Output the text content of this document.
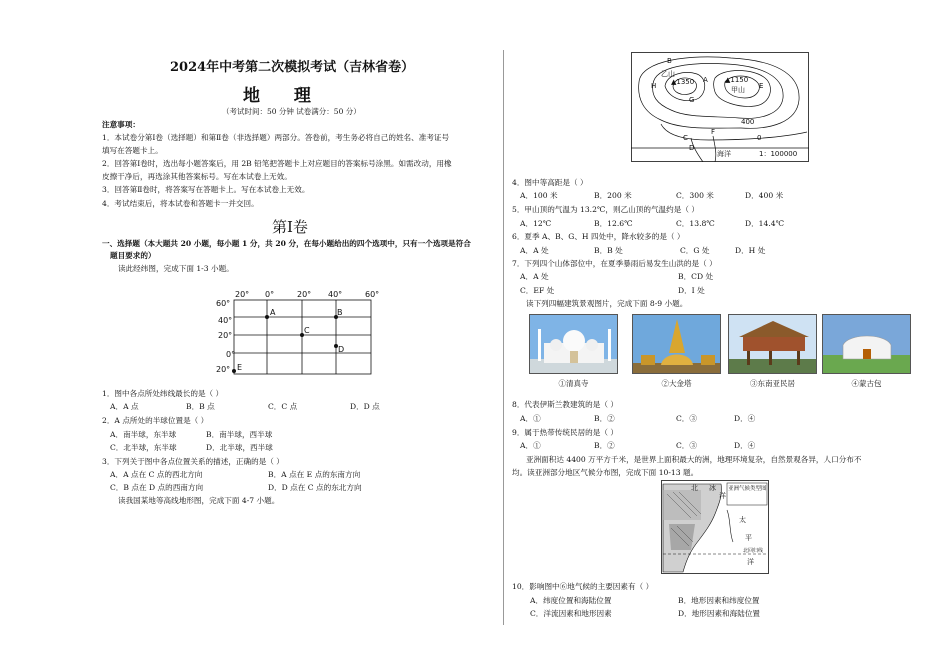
2024年中考第二次模拟考试（吉林省卷）
地 理
（考试时间：50 分钟 试卷满分：50 分）
注意事项：
1．本试卷分第Ⅰ卷（选择题）和第Ⅱ卷（非选择题）两部分。答卷前，考生务必将自己的姓名、准考证号
填写在答题卡上。
2．回答第Ⅰ卷时，选出每小题答案后，用 2B 铅笔把答题卡上对应题目的答案标号涂黑。如需改动，用橡
皮擦干净后，再选涂其他答案标号。写在本试卷上无效。
3．回答第Ⅱ卷时，将答案写在答题卡上。写在本试卷上无效。
4．考试结束后，将本试卷和答题卡一并交回。
第Ⅰ卷
一、选择题（本大题共 20 小题，每小题 1 分，共 20 分，在每小题给出的四个选项中，只有一个选项是符合
题目要求的）
读此经纬图，完成下面 1-3 小题。
20° 0°	20° 40°	60°
60°
40°
20°
0°
20°
A	B
C
D
E
1．图中各点所处纬线最长的是（ ）
A．A 点	B．B 点	C．C 点	D．D 点
2．A 点所处的半球位置是（ ）
A．南半球，东半球	B．南半球，西半球
C．北半球，东半球	D．北半球，西半球
3．下列关于图中各点位置关系的描述，正确的是（ ）
A．A 点在 C 点的西北方向	B．A 点在 E 点的东南方向
C．B 点在 D 点的西南方向	D．D 点在 C 点的东北方向
读我国某地等高线地形图，完成下面 4-7 小题。
B
乙山
A
H ▲1350	▲1150
甲山 E
G
C
D
400
F
0
海洋	1：100000
4．图中等高距是（ ）
A．100 米	B．200 米	C．300 米	D．400 米
5．甲山顶的气温为 13.2℃，则乙山顶的气温约是（ ）
A．12℃	B．12.6℃	C．13.8℃	D．14.4℃
6．夏季 A、B、G、H 四处中，降水较多的是（ ）
A．A 处	B．B 处	C．G 处	D．H 处
7．下列四个山体部位中，在夏季暴雨后易发生山洪的是（ ）
A．A 处	B．CD 处
C．EF 处	D．I 处
读下列四幅建筑景观图片，完成下面 8-9 小题。
①清真寺	②大金塔	③东南亚民居	④蒙古包
8．代表伊斯兰教建筑的是（ ）
A．①	B．②	C．③	D．④
9．属于热带传统民居的是（ ）
A．①	B．②	C．③	D．④
亚洲面积达 4400 万平方千米，是世界上面积最大的洲，地理环境复杂，自然景观各异，人口分布不
均。读亚洲部分地区气候分布图，完成下面 10-13 题。
亚洲气候类型图
北 冰
洋
太
平
洋
北回归线
10．影响图中⑥地气候的主要因素有（ ）
A．纬度位置和海陆位置	B．地形因素和纬度位置
C．洋流因素和地形因素	D．地形因素和海陆位置
